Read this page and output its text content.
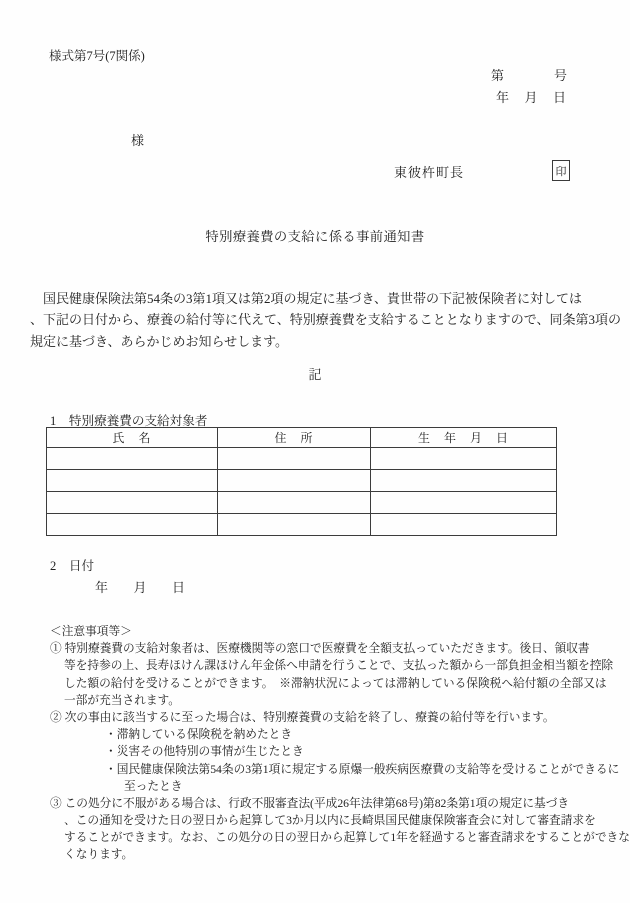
様式第7号(7関係)
第	号
年 月 日
様
東彼杵町長	印
特別療養費の支給に係る事前通知書
　国民健康保険法第54条の3第1項又は第2項の規定に基づき、貴世帯の下記被保険者に対しては
、下記の日付から、療養の給付等に代えて、特別療養費を支給することとなりますので、同条第3項の
規定に基づき、あらかじめお知らせします。
記
1　特別療養費の支給対象者
氏　名	住　所	生　年　月　日

2　日付
年 月 日
＜注意事項等＞
① 特別療養費の支給対象者は、医療機関等の窓口で医療費を全額支払っていただきます。後日、領収書
等を持参の上、長寿ほけん課ほけん年金係へ申請を行うことで、支払った額から一部負担金相当額を控除
した額の給付を受けることができます。　※滞納状況によっては滞納している保険税へ給付額の全部又は
一部が充当されます。
② 次の事由に該当するに至った場合は、特別療養費の支給を終了し、療養の給付等を行います。
・滞納している保険税を納めたとき
・災害その他特別の事情が生じたとき
・国民健康保険法第54条の3第1項に規定する原爆一般疾病医療費の支給等を受けることができるに
至ったとき
③ この処分に不服がある場合は、行政不服審査法(平成26年法律第68号)第82条第1項の規定に基づき
、この通知を受けた日の翌日から起算して3か月以内に長崎県国民健康保険審査会に対して審査請求を
することができます。なお、この処分の日の翌日から起算して1年を経過すると審査請求をすることができな
くなります。
